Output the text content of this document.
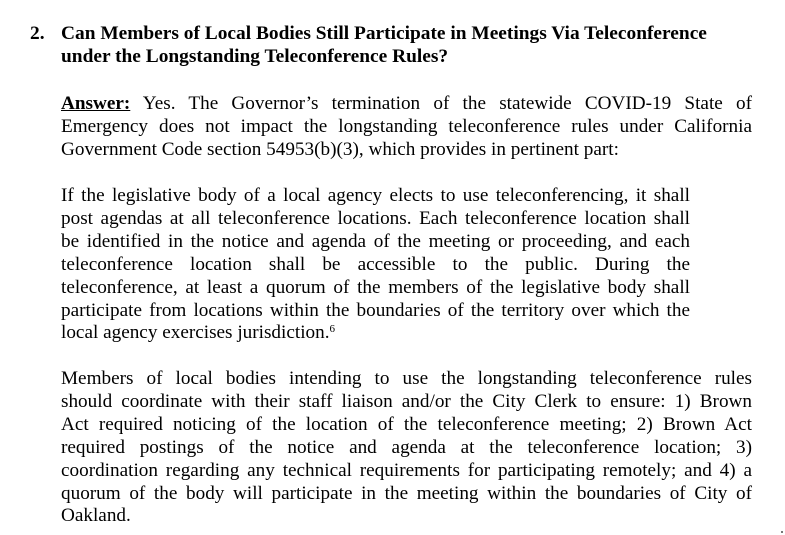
2. Can Members of Local Bodies Still Participate in Meetings Via Teleconference
under the Longstanding Teleconference Rules?
Answer: Yes. The Governor’s termination of the statewide COVID-19 State of
Emergency does not impact the longstanding teleconference rules under California
Government Code section 54953(b)(3), which provides in pertinent part:
If the legislative body of a local agency elects to use teleconferencing, it shall
post agendas at all teleconference locations. Each teleconference location shall
be identified in the notice and agenda of the meeting or proceeding, and each
teleconference location shall be accessible to the public. During the
teleconference, at least a quorum of the members of the legislative body shall
participate from locations within the boundaries of the territory over which the
local agency exercises jurisdiction.$^6$
Members of local bodies intending to use the longstanding teleconference rules
should coordinate with their staff liaison and/or the City Clerk to ensure: 1) Brown
Act required noticing of the location of the teleconference meeting; 2) Brown Act
required postings of the notice and agenda at the teleconference location; 3)
coordination regarding any technical requirements for participating remotely; and 4) a
quorum of the body will participate in the meeting within the boundaries of City of
Oakland.
